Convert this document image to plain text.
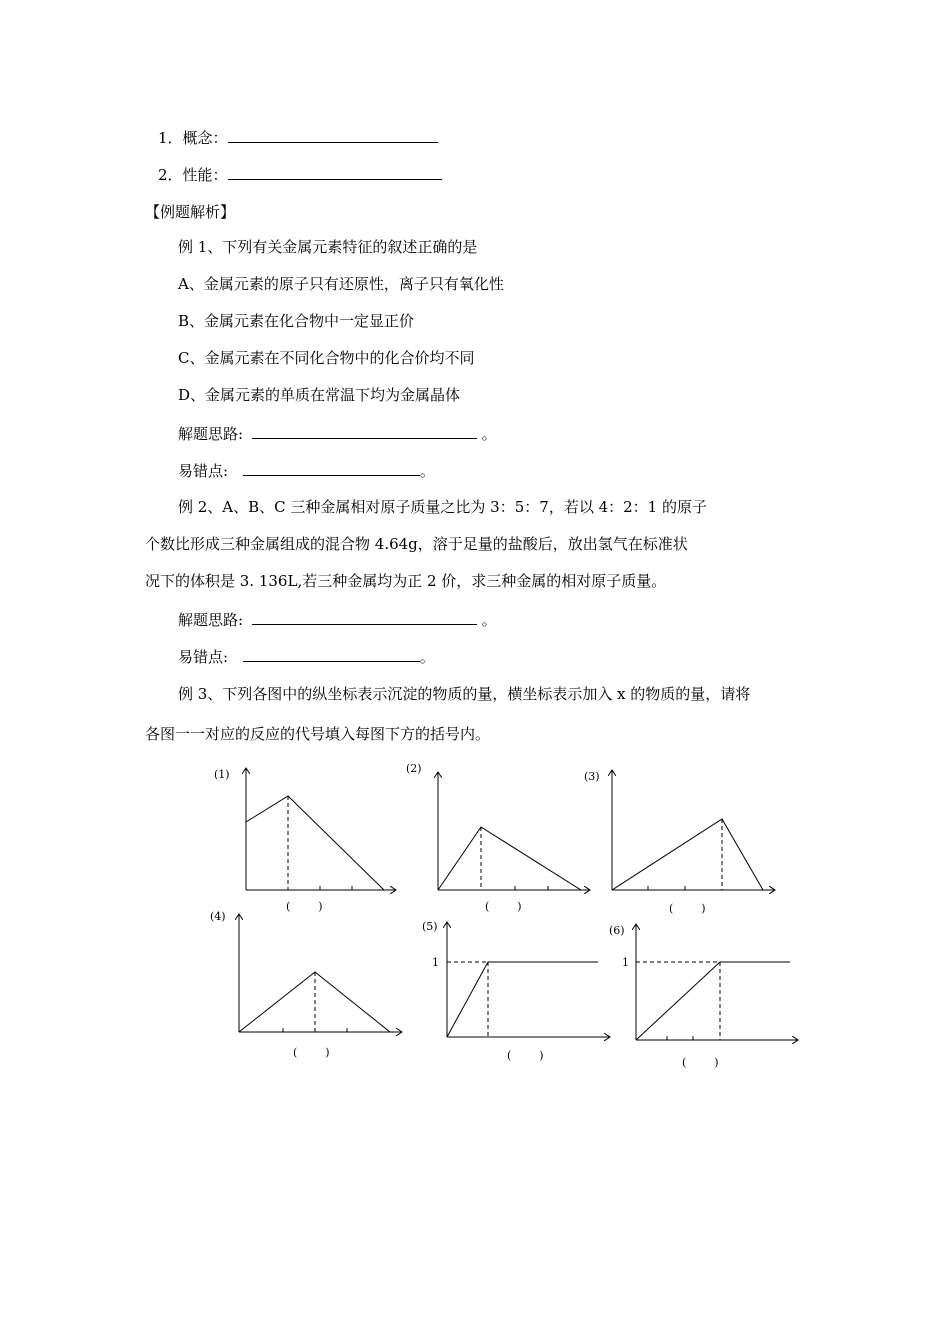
1．概念：
2．性能：
【例题解析】
例 1、下列有关金属元素特征的叙述正确的是
A、金属元素的原子只有还原性，离子只有氧化性
B、金属元素在化合物中一定显正价
C、金属元素在不同化合物中的化合价均不同
D、金属元素的单质在常温下均为金属晶体
解题思路:	。
易错点:	。
例 2、A、B、C 三种金属相对原子质量之比为 3：5：7，若以 4：2：1 的原子
个数比形成三种金属组成的混合物 4.64g，溶于足量的盐酸后，放出氢气在标准状
况下的体积是 3. 136L,若三种金属均为正 2 价，求三种金属的相对原子质量。
解题思路:	。
易错点:	。
例 3、下列各图中的纵坐标表示沉淀的物质的量，横坐标表示加入 x 的物质的量，请将
各图一一对应的反应的代号填入每图下方的括号内。
(1)
(        )
(2)
(        )
(3)
(        )
(4)
(        )
(5)
1
(        )
(6)
1
(        )
